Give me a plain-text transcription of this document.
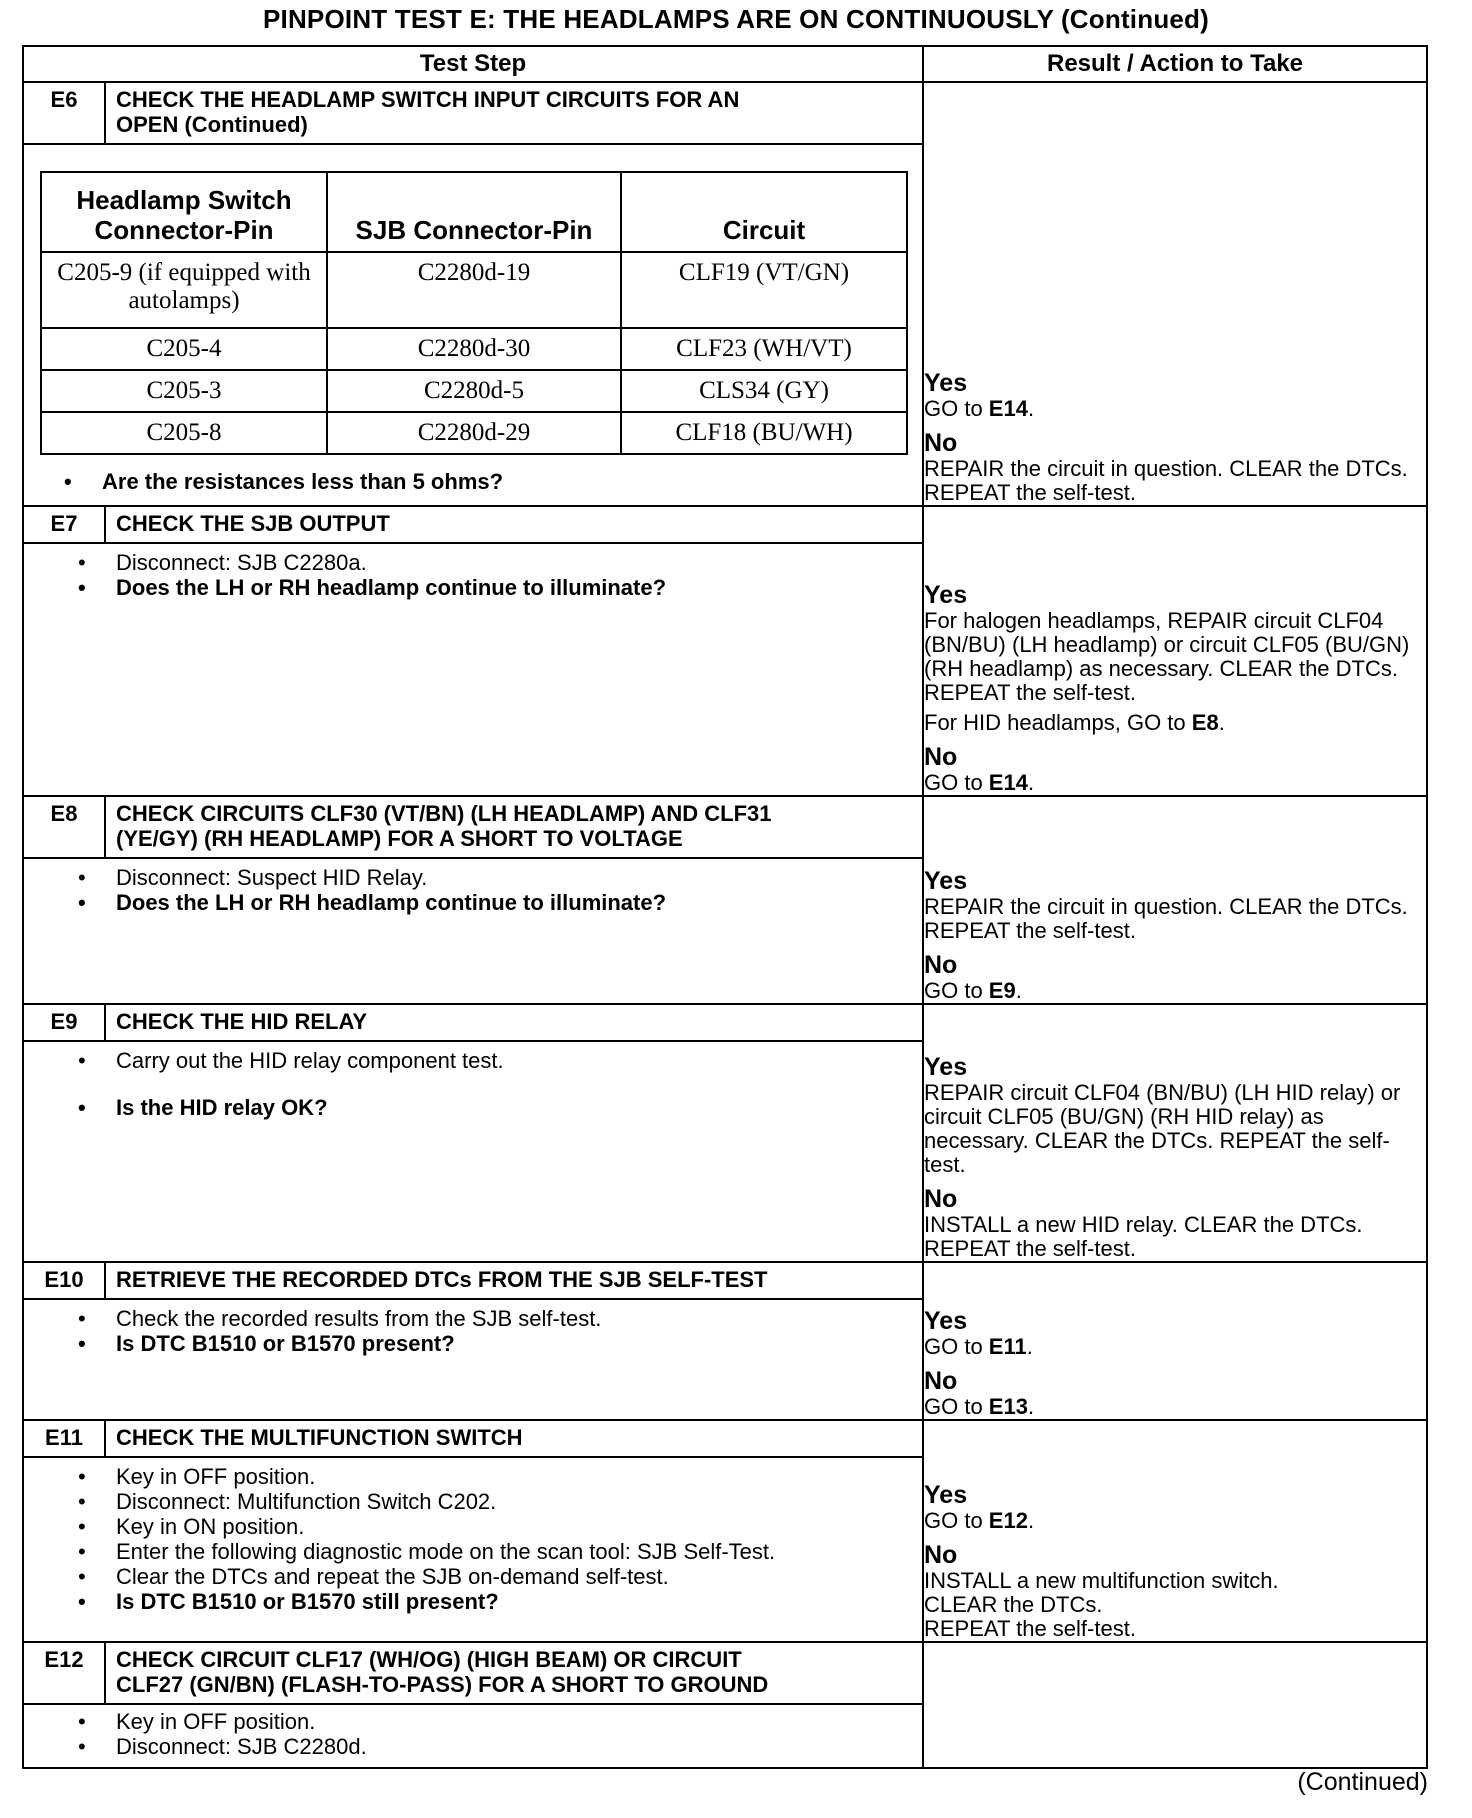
PINPOINT TEST E: THE HEADLAMPS ARE ON CONTINUOUSLY (Continued)
Test Step	Result / Action to Take

E6	CHECK THE HEADLAMP SWITCH INPUT CIRCUITS FOR AN
OPEN (Continued)
Headlamp Switch Connector-Pin	SJB Connector-Pin	Circuit
C205-9 (if equipped with autolamps)	C2280d-19	CLF19 (VT/GN)
C205-4	C2280d-30	CLF23 (WH/VT)
C205-3	C2280d-5	CLS34 (GY)
C205-8	C2280d-29	CLF18 (BU/WH)
• Are the resistances less than 5 ohms?

Yes
GO to E14.
No
REPAIR the circuit in question. CLEAR the DTCs. REPEAT the self-test.

E7	CHECK THE SJB OUTPUT
• Disconnect: SJB C2280a.
• Does the LH or RH headlamp continue to illuminate?	Yes
For halogen headlamps, REPAIR circuit CLF04 (BN/BU) (LH headlamp) or circuit CLF05 (BU/GN) (RH headlamp) as necessary. CLEAR the DTCs. REPEAT the self-test.
For HID headlamps, GO to E8.
No
GO to E14.

E8	CHECK CIRCUITS CLF30 (VT/BN) (LH HEADLAMP) AND CLF31
(YE/GY) (RH HEADLAMP) FOR A SHORT TO VOLTAGE
• Disconnect: Suspect HID Relay.
• Does the LH or RH headlamp continue to illuminate?

Yes
REPAIR the circuit in question. CLEAR the DTCs. REPEAT the self-test.
No
GO to E9.

E9	CHECK THE HID RELAY
• Carry out the HID relay component test.
• Is the HID relay OK?

Yes
REPAIR circuit CLF04 (BN/BU) (LH HID relay) or circuit CLF05 (BU/GN) (RH HID relay) as necessary. CLEAR the DTCs. REPEAT the self-test.
No
INSTALL a new HID relay. CLEAR the DTCs. REPEAT the self-test.

E10	RETRIEVE THE RECORDED DTCs FROM THE SJB SELF-TEST
• Check the recorded results from the SJB self-test.
• Is DTC B1510 or B1570 present?

Yes
GO to E11.
No
GO to E13.

E11	CHECK THE MULTIFUNCTION SWITCH
• Key in OFF position.
• Disconnect: Multifunction Switch C202.
• Key in ON position.
• Enter the following diagnostic mode on the scan tool: SJB Self-Test.
• Clear the DTCs and repeat the SJB on-demand self-test.
• Is DTC B1510 or B1570 still present?

Yes
GO to E12.
No
INSTALL a new multifunction switch.
CLEAR the DTCs.
REPEAT the self-test.

E12	CHECK CIRCUIT CLF17 (WH/OG) (HIGH BEAM) OR CIRCUIT
CLF27 (GN/BN) (FLASH-TO-PASS) FOR A SHORT TO GROUND
• Key in OFF position.
• Disconnect: SJB C2280d.

(Continued)
